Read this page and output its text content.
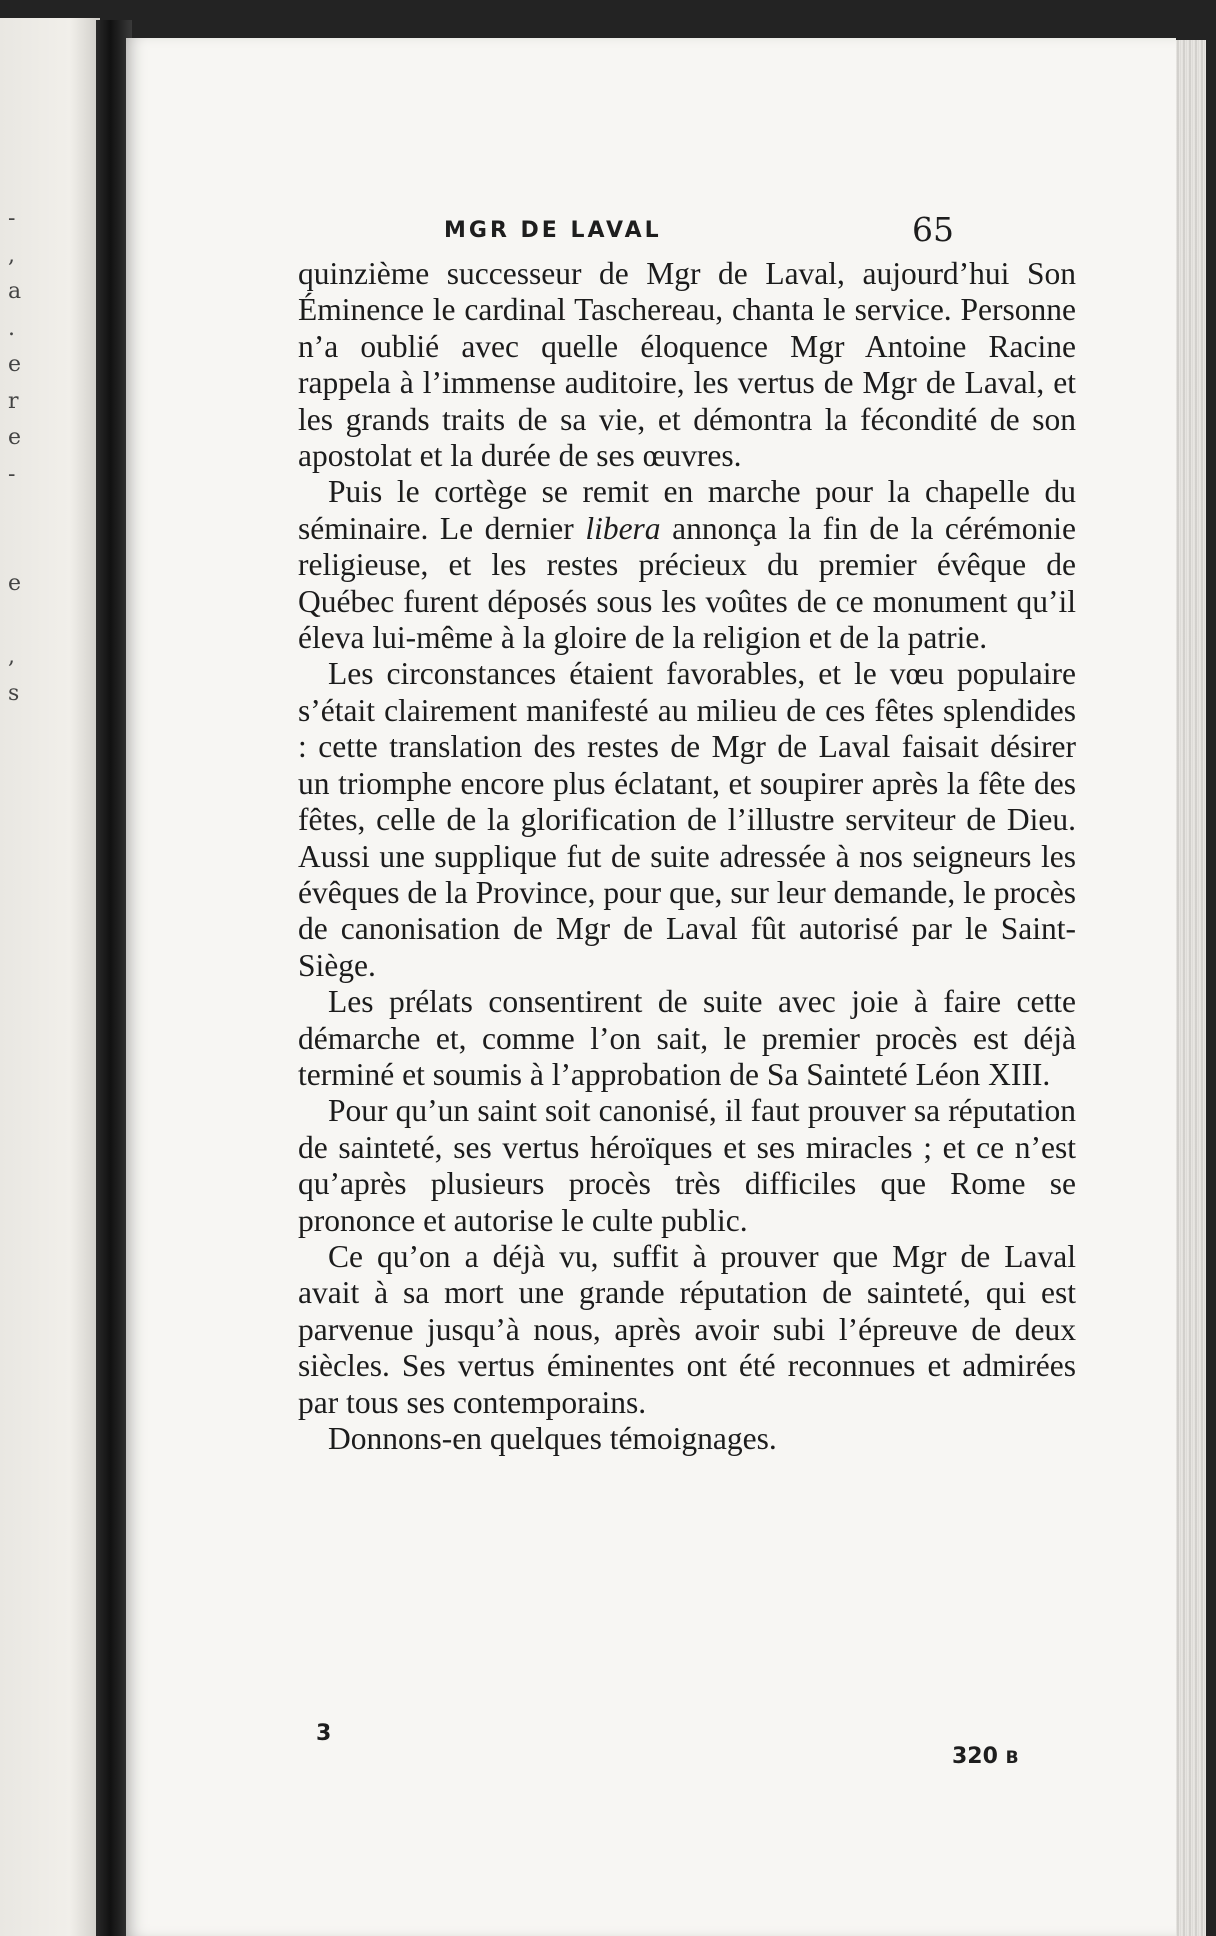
-
,
a
.
e
r
e
-
e
,
s
MGR DE LAVAL	65

quinzième successeur de Mgr de Laval, aujourd’hui Son Éminence le cardinal Taschereau, chanta le service. Personne n’a oublié avec quelle éloquence Mgr Antoine Racine rappela à l’immense auditoire, les vertus de Mgr de Laval, et les grands traits de sa vie, et démontra la fécondité de son apostolat et la durée de ses œuvres.

Puis le cortège se remit en marche pour la chapelle du séminaire. Le dernier libera annonça la fin de la cérémonie religieuse, et les restes précieux du premier évêque de Québec furent déposés sous les voûtes de ce monument qu’il éleva lui-même à la gloire de la religion et de la patrie.

Les circonstances étaient favorables, et le vœu populaire s’était clairement manifesté au milieu de ces fêtes splendides : cette translation des restes de Mgr de Laval faisait désirer un triomphe encore plus éclatant, et soupirer après la fête des fêtes, celle de la glorification de l’illustre serviteur de Dieu. Aussi une supplique fut de suite adressée à nos seigneurs les évêques de la Province, pour que, sur leur demande, le procès de canonisation de Mgr de Laval fût autorisé par le Saint-Siège.

Les prélats consentirent de suite avec joie à faire cette démarche et, comme l’on sait, le premier procès est déjà terminé et soumis à l’approbation de Sa Sainteté Léon XIII.

Pour qu’un saint soit canonisé, il faut prouver sa réputation de sainteté, ses vertus héroïques et ses miracles ; et ce n’est qu’après plusieurs procès très difficiles que Rome se prononce et autorise le culte public.

Ce qu’on a déjà vu, suffit à prouver que Mgr de Laval avait à sa mort une grande réputation de sainteté, qui est parvenue jusqu’à nous, après avoir subi l’épreuve de deux siècles. Ses vertus éminentes ont été reconnues et admirées par tous ses contemporains.

Donnons-en quelques témoignages.

3
320 B
